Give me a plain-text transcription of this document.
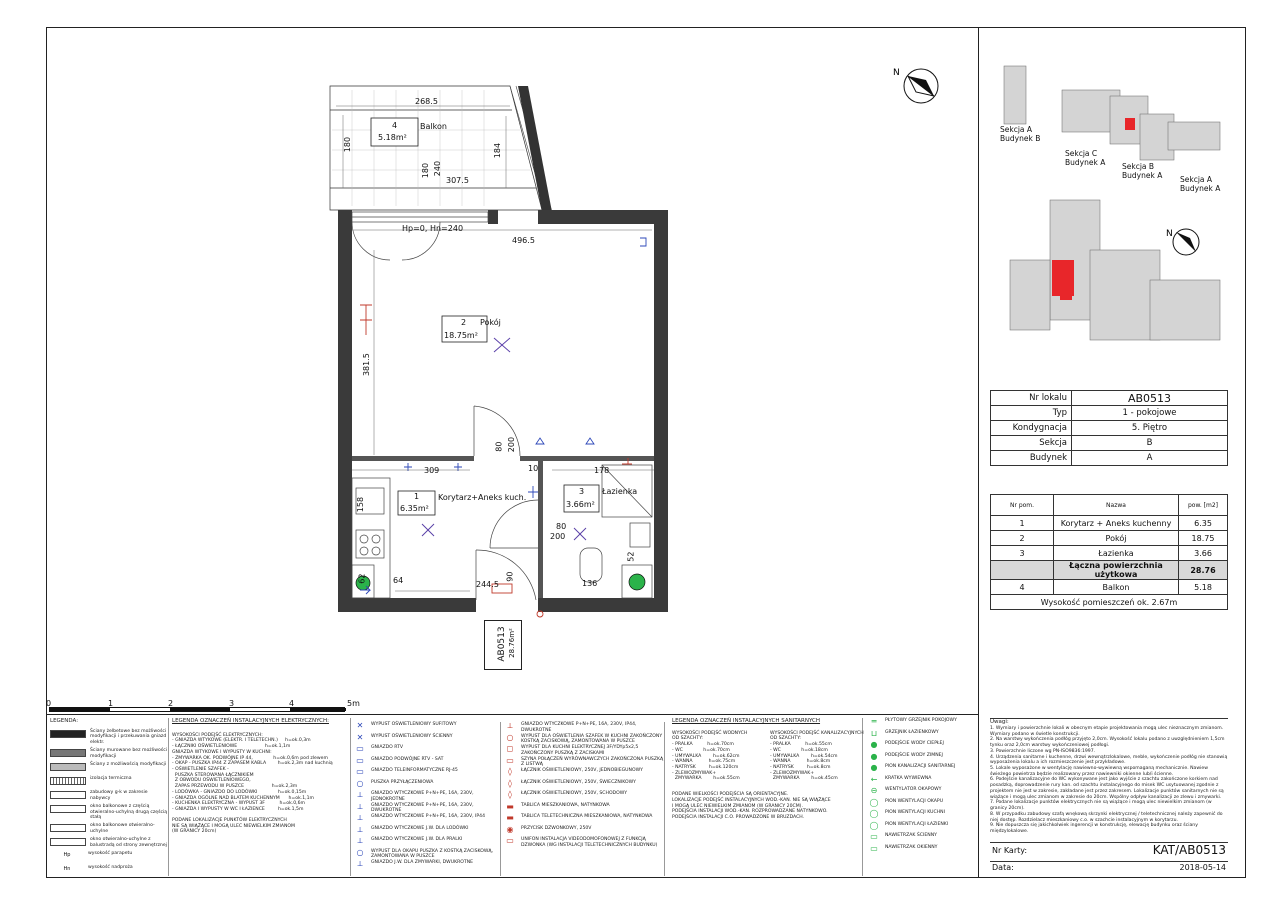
N
268.5
180
240
180
307.5
184
Hp=0, Hn=240
496.5
381.5
80 200
10
309	178
158
80
200
62	64	244.5
90
136
52
4	Balkon
5.18m²
2 Pokój
18.75m²
1 Korytarz+Aneks kuch.
6.35m²
3 Łazienka
3.66m²
AB0513 28.76m²
0	1	2	3	4	5m
N
Sekcja A
Budynek B
Sekcja C
Budynek A Sekcja B
Budynek A Sekcja A
Budynek A
Nr lokalu	AB0513
Typ	1 - pokojowe
Kondygnacja	5. Piętro
Sekcja	B
Budynek	A
Nr pom.	Nazwa	pow. [m2]
1	Korytarz + Aneks kuchenny	6.35
2	Pokój	18.75
3	Łazienka	3.66
	Łączna powierzchnia użytkowa	28.76
4	Balkon	5.18
Wysokość pomieszczeń ok. 2.67m		
Uwagi:
1. Wymiary i powierzchnie lokali w obecnym etapie projektowania mogą ulec nieznacznym zmianom. Wymiary podano w świetle konstrukcji.
2. Na warstwy wykończenia podłóg przyjęto 2,0cm. Wysokość lokalu podano z uwzględnieniem 1,5cm tynku oraz 2,0cm warstwy wykończeniowej podłogi.
3. Powierzchnie liczone wg PN-ISO9836:1997.
4. Urządzenia sanitarne i kuchenne, drzwi wewnątrzlokalowe, meble, wykończenie podłóg nie stanowią wyposażenia lokalu a ich rozmieszczenie jest przykładowe.
5. Lokale wyposażone w wentylację nawiewno-wywiewną wspomaganą mechanicznie. Nawiew świeżego powietrza będzie realizowany przez nawiewniki okienne lub/i ścienne.
6. Podejście kanalizacyjne do WC wykonywane jest jako wyjście z szachtu zakończone korkiem nad posadzką, doprowadzenie rury kan. od szachtu instalacyjnego do misek WC usytuowanej zgodnie z projektem nie jest w zakresie, zakładane jest przez zakresem. Lokalizacje punktów sanitarnych nie są wiążące i mogą ulec zmianom w zakresie do 20cm. Wspólny odpływ kanalizacji ze zlewu i zmywarki.
7. Podane lokalizacje punktów elektrycznych nie są wiążące i mogą ulec niewielkim zmianom (w granicy 20cm).
8. W przypadku zabudowy szafą wnękową skrzynki elektrycznej / teletechnicznej należy zapewnić do niej dostęp. Rozdzielacz mieszkaniowy c.o. w szachcie instalacyjnym w korytarzu.
9. Nie dopuszcza się jakichkolwiek ingerencji w konstrukcję, elewację budynku oraz ściany międzylokalowe.
Nr Karty:	KAT/AB0513
Data:	2018-05-14
LEGENDA:
Ściany żelbetowe bez możliwości modyfikacji i przekuwania gniazd elektr.
Ściany murowane bez możliwości modyfikacji
Ściany z możliwością modyfikacji
izolacja termiczna
zabudowy g-k w zakresie nabywcy
okno balkonowe z częścią otwieralno-uchylną drugą częścią stałą
okno balkonowe otwieralno-uchylne
okno otwieralno-uchylne z balustradą od strony zewnętrznej
Hp	wysokość parapetu
Hn	wysokość nadproża
LEGENDA OZNACZEŃ INSTALACYJNYCH ELEKTRYCZNYCH:
WYSOKOŚCI PODEJŚĆ ELEKTRYCZNYCH:
- GNIAZDA WTYKOWE (ELEKTR. I TELETECHN.)     h=ok.0,3m
- ŁĄCZNIKI OŚWIETLENIOWE                   h=ok.1,1m
GNIAZDA WTYKOWE I WYPUSTY W KUCHNI:
- ZMYWARKA OK. PODWÓJNE IP 44,              h=ok.0,6m pod zlewem
- OKAP - PUSZKA IP44 Z ZAPASEM KABLA        h=ok.2,3m nad kuchnią
- OŚWIETLENIE SZAFEK -
PUSZKA STEROWANA ŁĄCZNIKIEM
Z OBWODU OŚWIETLENIOWEGO,
ZAPAS PRZEWODU W PUSZCE                   h=ok.2,3m
- LODÓWKA - GNIAZDO DO LODÓWKI              h=ok.0,15m
- GNIAZDA OGÓLNE NAD BLATEM KUCHENNYM      h=ok.1,1m
- KUCHENKA ELEKTRYCZNA - WYPUST 3F          h=ok.0,6m
- GNIAZDA I WYPUSTY W WC I ŁAZIENCE         h=ok.1,5m
PODANE LOKALIZACJE PUNKTÓW ELEKTRYCZNYCH
NIE SĄ WIĄŻĄCE I MOGĄ ULEC NIEWIELKIM ZMIANOM
(W GRANICY 20cm)
✕	WYPUST OŚWIETLENIOWY SUFITOWY
✕	WYPUST OŚWIETLENIOWY ŚCIENNY
▭	GNIAZDO RTV
▭	GNIAZDO PODWÓJNE RTV - SAT
▭	GNIAZDO TELEINFORMATYCZNE RJ-45
○	PUSZKA PRZYŁĄCZENIOWA
⟂	GNIAZDO WTYCZKOWE P+N+PE, 16A, 230V, JEDNOKROTNE
⟂	GNIAZDO WTYCZKOWE P+N+PE, 16A, 230V, DWUKROTNE
⟂	GNIAZDO WTYCZKOWE P+N+PE, 16A, 230V, IP44
⟂	GNIAZDO WTYCZKOWE J.W. DLA LODÓWKI
⟂	GNIAZDO WTYCZKOWE J.W. DLA PRALKI
○	WYPUST DLA OKAPU PUSZKA Z KOSTKĄ ZACISKOWĄ, ZAMONTOWANA W PUSZCE
⟂	GNIAZDO J.W. DLA ZMYWARKI, DWUKROTNE
⟂	GNIAZDO WTYCZKOWE P+N+PE, 16A, 230V, IP44, DWUKROTNE
○	WYPUST DLA OŚWIETLENIA SZAFEK W KUCHNI ZAKOŃCZONY KOSTKĄ ZACISKOWĄ, ZAMONTOWANA W PUSZCE
◻	WYPUST DLA KUCHNI ELEKTRYCZNEJ 3F/YDYp5x2,5 ZAKOŃCZONY PUSZKĄ Z ZACISKAMI
▭	SZYNA POŁĄCZEŃ WYRÓWNAWCZYCH ZAKOŃCZONA PUSZKĄ Z LISTWĄ
◊	ŁĄCZNIK OŚWIETLENIOWY, 250V, JEDNOBIEGUNOWY
◊	ŁĄCZNIK OŚWIETLENIOWY, 250V, ŚWIECZNIKOWY
◊	ŁĄCZNIK OŚWIETLENIOWY, 250V, SCHODOWY
▬	TABLICA MIESZKANIOWA, NATYNKOWA
▬	TABLICA TELETECHNICZNA MIESZKANIOWA, NATYNKOWA
◉	PRZYCISK DZWONKOWY, 250V
▭	UNIFON INSTALACJA VIDEODOMOFONOWEJ Z FUNKCJĄ DZWONKA (WG INSTALACJI TELETECHNICZNYCH BUDYNKU)
LEGENDA OZNACZEŃ INSTALACYJNYCH SANITARNYCH
WYSOKOŚCI PODEJŚĆ WODNYCH
OD SZACHTY:
- PRALKA          h=ok.70cm
- WC              h=ok.70cm
- UMYWALKA        h=ok.62cm
- WANNA           h=ok.75cm
- NATRYSK         h=ok.120cm
- ZLEWOZMYWAK+
ZMYWARKA        h=ok.55cm
WYSOKOŚCI PODEJŚĆ KANALIZACYJNYCH
OD SZACHTY:
- PRALKA          h=ok.55cm
- WC              h=ok.18cm
- UMYWALKA        h=ok.54cm
- WANNA           h=ok.8cm
- NATRYSK         h=ok.8cm
- ZLEWOZMYWAK+
ZMYWARKA        h=ok.45cm
PODANE WIELKOŚCI PODEJŚCIA SĄ ORIENTACYJNE.
LOKALIZACJE PODEJŚĆ INSTALACYJNYCH WOD.-KAN. NIE SĄ WIĄŻĄCE
I MOGĄ ULEC NIEWIELKIM ZMIANOM (W GRANICY 20CM).
PODEJŚCIA INSTALACJI WOD.-KAN. ROZPROWADZANE NATYNKOWO.
PODEJŚCIA INSTALACJI C.O. PROWADZONE W BRUZDACH.
═	PŁYTOWY GRZEJNIK POKOJOWY
⊔	GRZEJNIK ŁAZIENKOWY
●	PODEJŚCIE WODY CIEPŁEJ
●	PODEJŚCIE WODY ZIMNEJ
●	PION KANALIZACJI SANITARNEJ
←	KRATKA WYWIEWNA
⊖	WENTYLATOR OKAPOWY
◯	PION WENTYLACJI OKAPU
◯	PION WENTYLACJI KUCHNI
◯	PION WENTYLACJI ŁAZIENKI
▭	NAWIETRZAK ŚCIENNY
▭	NAWIETRZAK OKIENNY
